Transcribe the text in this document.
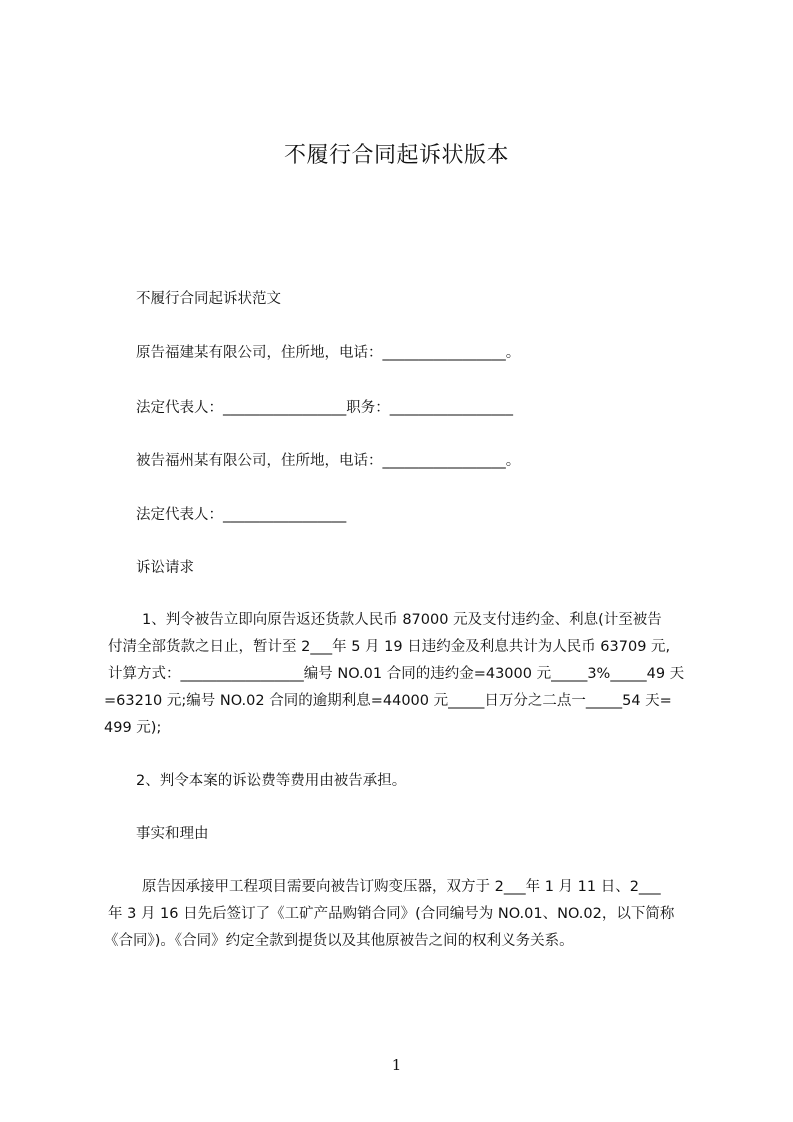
不履行合同起诉状版本

不履行合同起诉状范文

原告福建某有限公司，住所地，电话：_________________。

法定代表人：_________________职务：_________________

被告福州某有限公司，住所地，电话：_________________。

法定代表人：_________________

诉讼请求

1、判令被告立即向原告返还货款人民币 87000 元及支付违约金、利息(计至被告

付清全部货款之日止，暂计至 2___年 5 月 19 日违约金及利息共计为人民币 63709 元,

计算方式：_________________编号 NO.01 合同的违约金=43000 元_____3%_____49 天

=63210 元;编号 NO.02 合同的逾期利息=44000 元_____日万分之二点一_____54 天=

499 元);

2、判令本案的诉讼费等费用由被告承担。

事实和理由

原告因承接甲工程项目需要向被告订购变压器，双方于 2___年 1 月 11 日、2___

年 3 月 16 日先后签订了《工矿产品购销合同》(合同编号为 NO.01、NO.02，以下简称

《合同》)。《合同》约定全款到提货以及其他原被告之间的权利义务关系。

1
